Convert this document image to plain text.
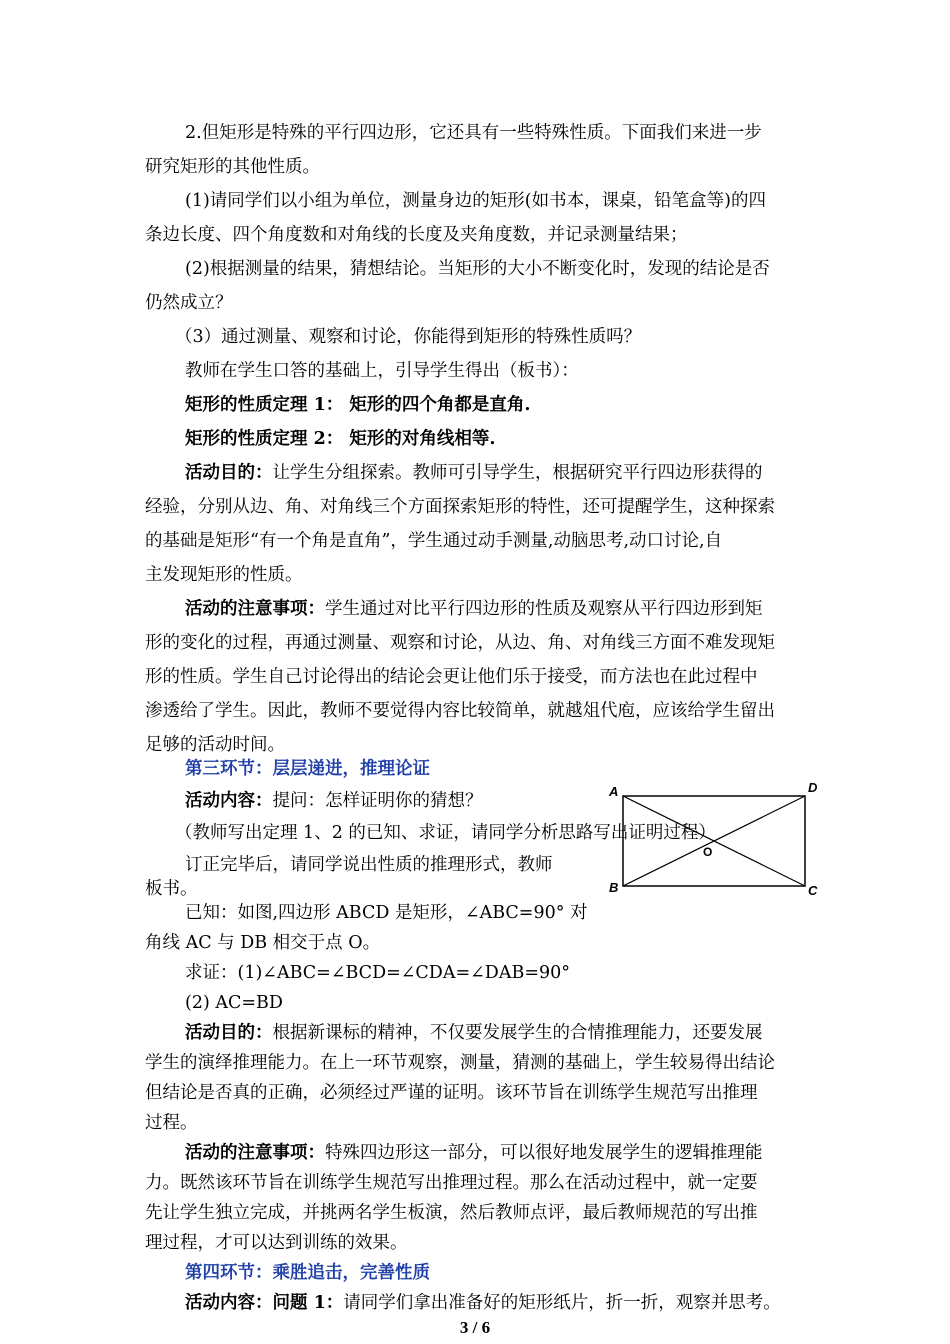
2.但矩形是特殊的平行四边形，它还具有一些特殊性质。下面我们来进一步
研究矩形的其他性质。
(1)请同学们以小组为单位，测量身边的矩形(如书本，课桌，铅笔盒等)的四
条边长度、四个角度数和对角线的长度及夹角度数，并记录测量结果；
(2)根据测量的结果，猜想结论。当矩形的大小不断变化时，发现的结论是否
仍然成立？
（3）通过测量、观察和讨论，你能得到矩形的特殊性质吗？
教师在学生口答的基础上，引导学生得出（板书）：
矩形的性质定理 1： 矩形的四个角都是直角.
矩形的性质定理 2： 矩形的对角线相等.
活动目的：让学生分组探索。教师可引导学生，根据研究平行四边形获得的
经验，分别从边、角、对角线三个方面探索矩形的特性，还可提醒学生，这种探索
的基础是矩形“有一个角是直角”，学生通过动手测量,动脑思考,动口讨论,自
主发现矩形的性质。
活动的注意事项：学生通过对比平行四边形的性质及观察从平行四边形到矩
形的变化的过程，再通过测量、观察和讨论，从边、角、对角线三方面不难发现矩
形的性质。学生自己讨论得出的结论会更让他们乐于接受，而方法也在此过程中
渗透给了学生。因此，教师不要觉得内容比较简单，就越俎代庖，应该给学生留出
足够的活动时间。
第三环节：层层递进，推理论证
活动内容：提问：怎样证明你的猜想？
（教师写出定理 1、2 的已知、求证，请同学分析思路写出证明过程）
订正完毕后，请同学说出性质的推理形式，教师
板书。
已知：如图,四边形 ABCD 是矩形，∠ABC=90° 对
角线 AC 与 DB 相交于点 O。
求证：(1)∠ABC=∠BCD=∠CDA=∠DAB=90°
(2) AC=BD
3 / 6
A
B	C
D
O
第四环节：乘胜追击，完善性质
活动内容：问题 1：请同学们拿出准备好的矩形纸片，折一折，观察并思考。
活动目的：根据新课标的精神，不仅要发展学生的合情推理能力，还要发展
学生的演绎推理能力。在上一环节观察，测量，猜测的基础上，学生较易得出结论
但结论是否真的正确，必须经过严谨的证明。该环节旨在训练学生规范写出推理
过程。
活动的注意事项：特殊四边形这一部分，可以很好地发展学生的逻辑推理能
力。既然该环节旨在训练学生规范写出推理过程。那么在活动过程中，就一定要
先让学生独立完成，并挑两名学生板演，然后教师点评，最后教师规范的写出推
理过程，才可以达到训练的效果。
